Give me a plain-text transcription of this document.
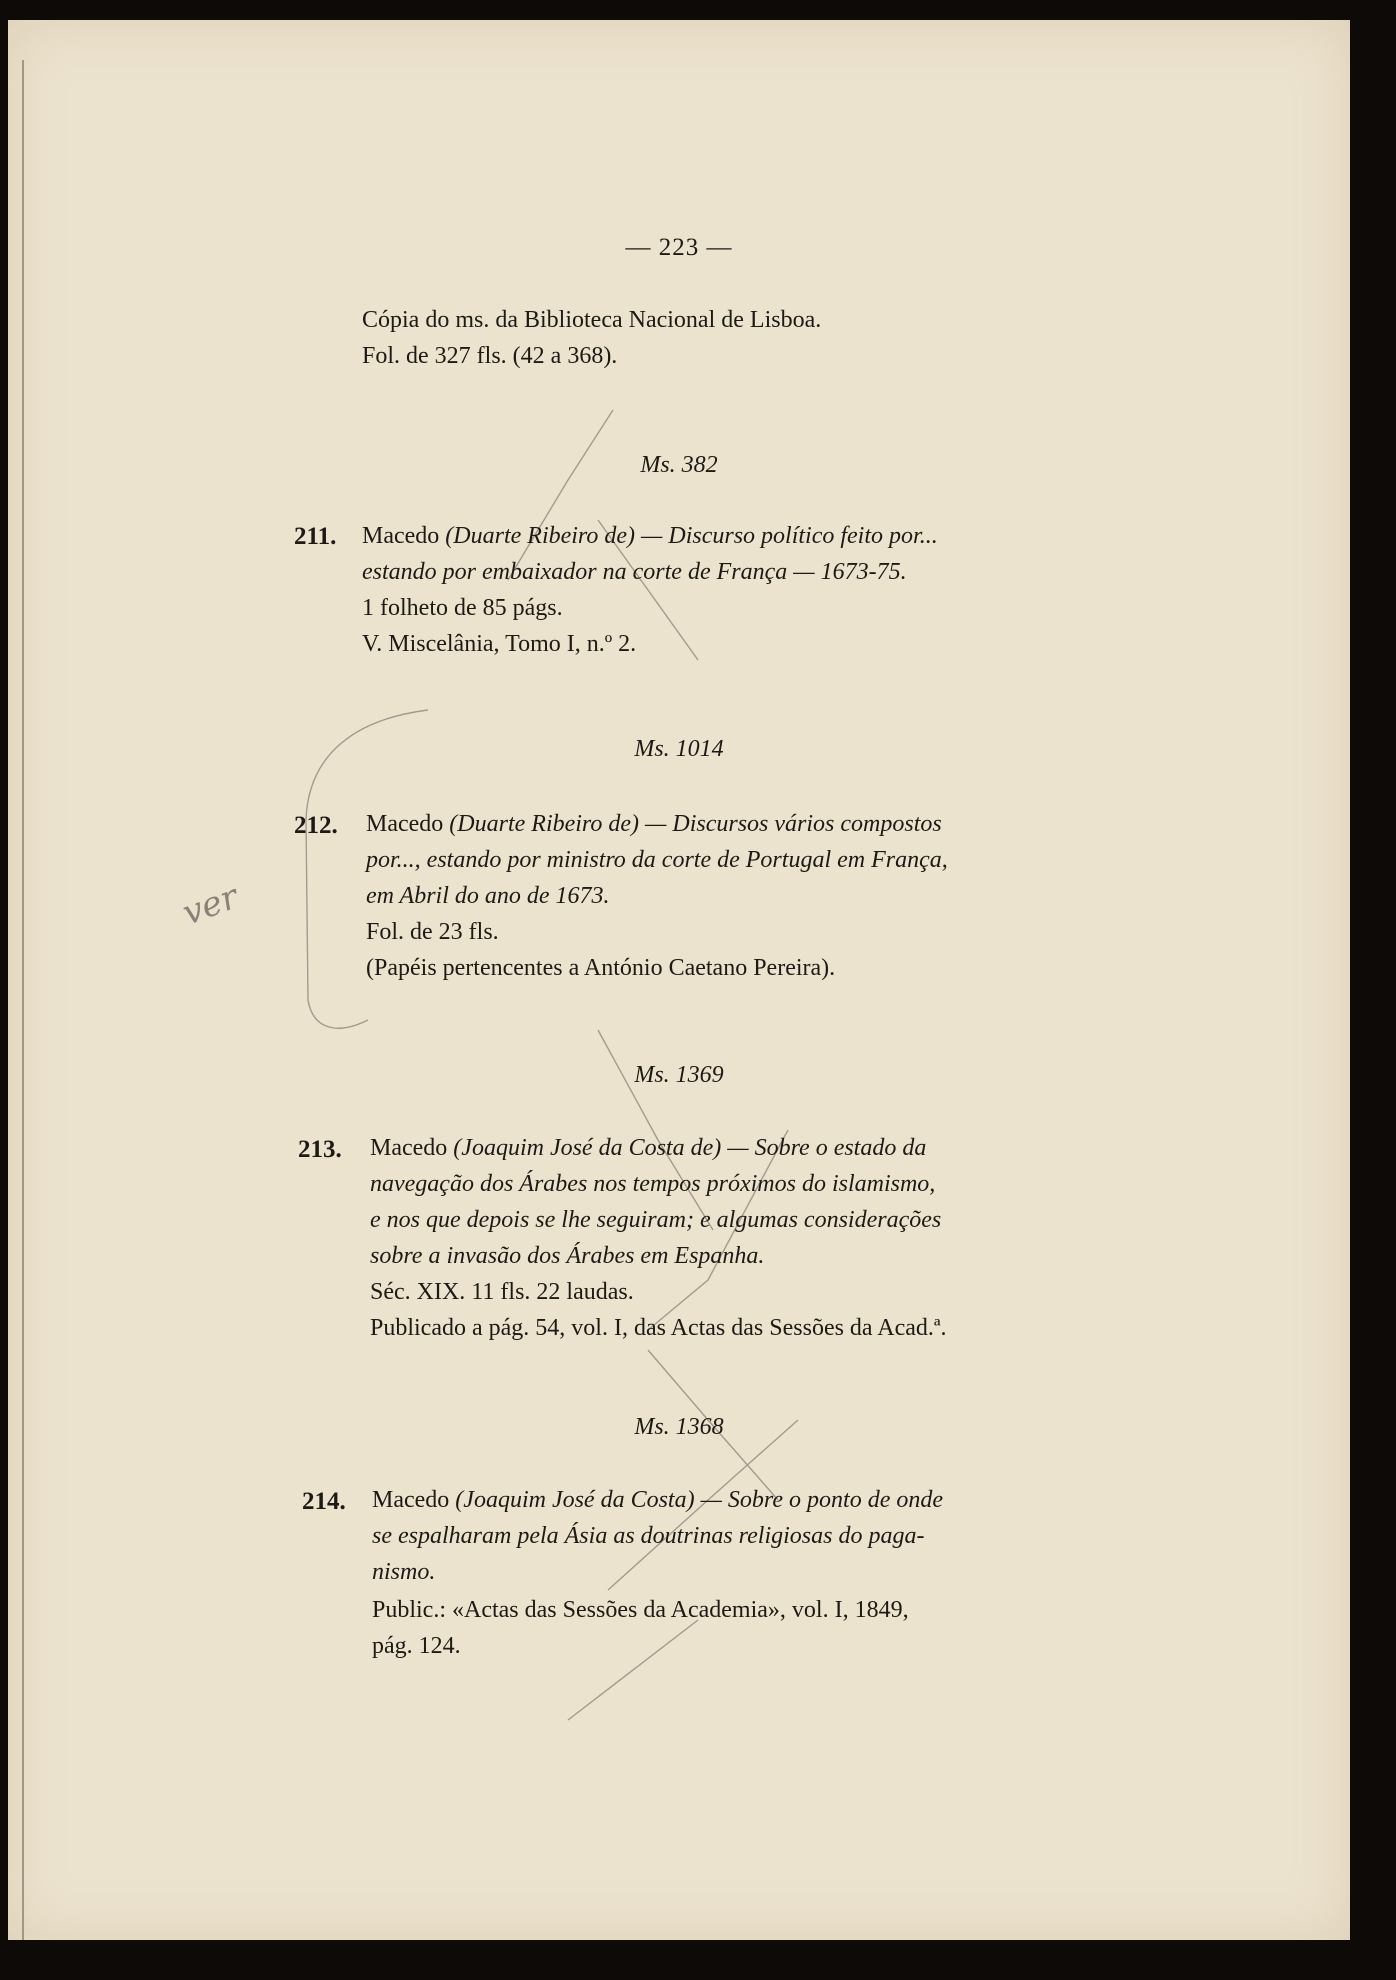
ver
— 223 —
Cópia do ms. da Biblioteca Nacional de Lisboa.
Fol. de 327 fls. (42 a 368).
Ms. 382
211. Macedo (Duarte Ribeiro de) — Discurso político feito por...
estando por embaixador na corte de França — 1673-75.
1 folheto de 85 págs.
V. Miscelânia, Tomo I, n.º 2.
Ms. 1014
212. Macedo (Duarte Ribeiro de) — Discursos vários compostos
por..., estando por ministro da corte de Portugal em França,
em Abril do ano de 1673.
Fol. de 23 fls.
(Papéis pertencentes a António Caetano Pereira).
Ms. 1369
213. Macedo (Joaquim José da Costa de) — Sobre o estado da
navegação dos Árabes nos tempos próximos do islamismo,
e nos que depois se lhe seguiram; e algumas considerações
sobre a invasão dos Árabes em Espanha.
Séc. XIX. 11 fls. 22 laudas.
Publicado a pág. 54, vol. I, das Actas das Sessões da Acad.ª.
Ms. 1368
214. Macedo (Joaquim José da Costa) — Sobre o ponto de onde
se espalharam pela Ásia as doutrinas religiosas do paga-
nismo.
Public.: «Actas das Sessões da Academia», vol. I, 1849,
pág. 124.
